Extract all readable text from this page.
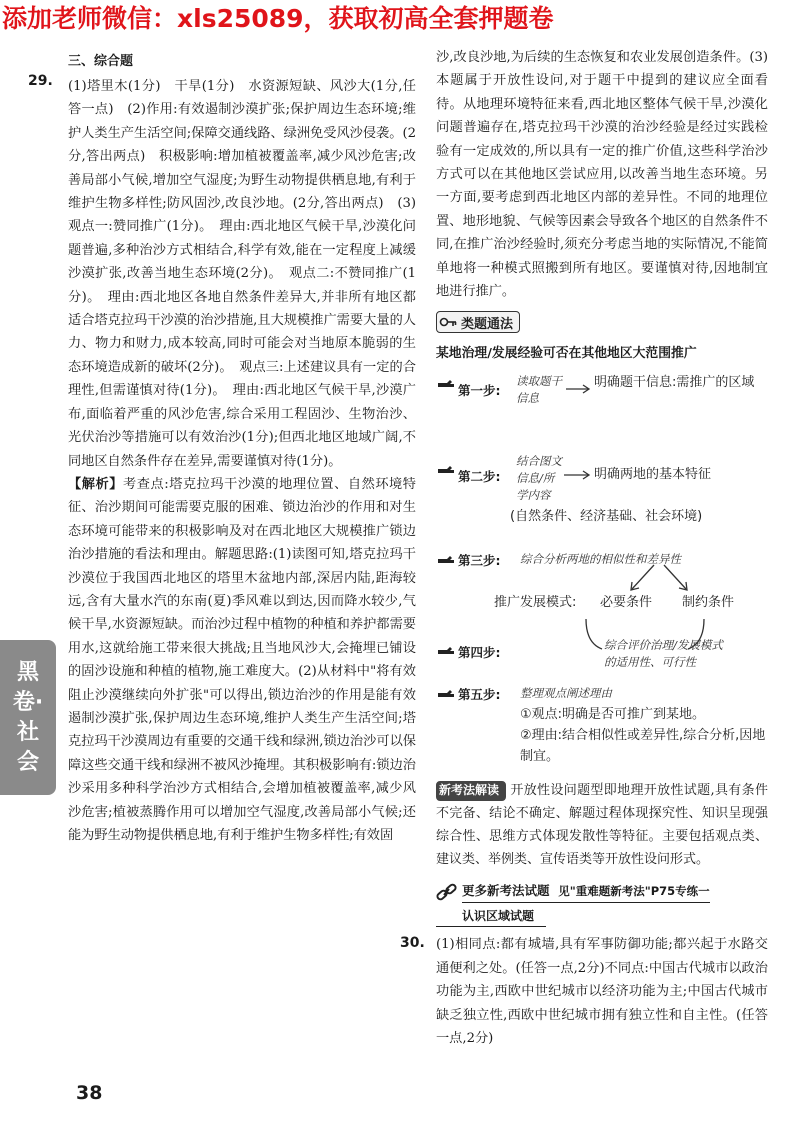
添加老师微信：xls25089，获取初高全套押题卷
三、综合题
29. (1)塔里木(1分)　干旱(1分)　水资源短缺、风沙大(1分,任答一点)　(2)作用:有效遏制沙漠扩张;保护周边生态环境;维护人类生产生活空间;保障交通线路、绿洲免受风沙侵袭。(2分,答出两点)　积极影响:增加植被覆盖率,减少风沙危害;改善局部小气候,增加空气湿度;为野生动物提供栖息地,有利于维护生物多样性;防风固沙,改良沙地。(2分,答出两点)　(3)观点一:赞同推广(1分)。　理由:西北地区气候干旱,沙漠化问题普遍,多种治沙方式相结合,科学有效,能在一定程度上减缓沙漠扩张,改善当地生态环境(2分)。　观点二:不赞同推广(1分)。　理由:西北地区各地自然条件差异大,并非所有地区都适合塔克拉玛干沙漠的治沙措施,且大规模推广需要大量的人力、物力和财力,成本较高,同时可能会对当地原本脆弱的生态环境造成新的破坏(2分)。　观点三:上述建议具有一定的合理性,但需谨慎对待(1分)。　理由:西北地区气候干旱,沙漠广布,面临着严重的风沙危害,综合采用工程固沙、生物治沙、光伏治沙等措施可以有效治沙(1分);但西北地区地域广阔,不同地区自然条件存在差异,需要谨慎对待(1分)。

【解析】考查点:塔克拉玛干沙漠的地理位置、自然环境特征、治沙期间可能需要克服的困难、锁边治沙的作用和对生态环境可能带来的积极影响及对在西北地区大规模推广锁边治沙措施的看法和理由。解题思路:(1)读图可知,塔克拉玛干沙漠位于我国西北地区的塔里木盆地内部,深居内陆,距海较远,含有大量水汽的东南(夏)季风难以到达,因而降水较少,气候干旱,水资源短缺。而治沙过程中植物的种植和养护都需要用水,这就给施工带来很大挑战;且当地风沙大,会掩埋已铺设的固沙设施和种植的植物,施工难度大。(2)从材料中"将有效阻止沙漠继续向外扩张"可以得出,锁边治沙的作用是能有效遏制沙漠扩张,保护周边生态环境,维护人类生产生活空间;塔克拉玛干沙漠周边有重要的交通干线和绿洲,锁边治沙可以保障这些交通干线和绿洲不被风沙掩埋。其积极影响有:锁边治沙采用多种科学治沙方式相结合,会增加植被覆盖率,减少风沙危害;植被蒸腾作用可以增加空气湿度,改善局部小气候;还能为野生动物提供栖息地,有利于维护生物多样性;有效固

黑卷·社会
38

沙,改良沙地,为后续的生态恢复和农业发展创造条件。(3)本题属于开放性设问,对于题干中提到的建议应全面看待。从地理环境特征来看,西北地区整体气候干旱,沙漠化问题普遍存在,塔克拉玛干沙漠的治沙经验是经过实践检验有一定成效的,所以具有一定的推广价值,这些科学治沙方式可以在其他地区尝试应用,以改善当地生态环境。另一方面,要考虑到西北地区内部的差异性。不同的地理位置、地形地貌、气候等因素会导致各个地区的自然条件不同,在推广治沙经验时,须充分考虑当地的实际情况,不能简单地将一种模式照搬到所有地区。要谨慎对待,因地制宜地进行推广。

类题通法
某地治理/发展经验可否在其他地区大范围推广
第一步:
读取题干信息
明确题干信息:需推广的区域
第二步:
结合图文信息/所学内容
明确两地的基本特征
(自然条件、经济基础、社会环境)
第三步: 综合分析两地的相似性和差异性
推广发展模式:	必要条件	制约条件
第四步:	综合评价治理/发展模式的适用性、可行性
第五步: 整理观点阐述理由
①观点:明确是否可推广到某地。
②理由:结合相似性或差异性,综合分析,因地制宜。
新考法解读 开放性设问题型即地理开放性试题,具有条件不完备、结论不确定、解题过程体现探究性、知识呈现强综合性、思维方式体现发散性等特征。主要包括观点类、建议类、举例类、宣传语类等开放性设问形式。
更多新考法试题 见"重难题新考法"P75专练一
认识区域试题
30. (1)相同点:都有城墙,具有军事防御功能;都兴起于水路交通便利之处。(任答一点,2分)不同点:中国古代城市以政治功能为主,西欧中世纪城市以经济功能为主;中国古代城市缺乏独立性,西欧中世纪城市拥有独立性和自主性。(任答一点,2分)
